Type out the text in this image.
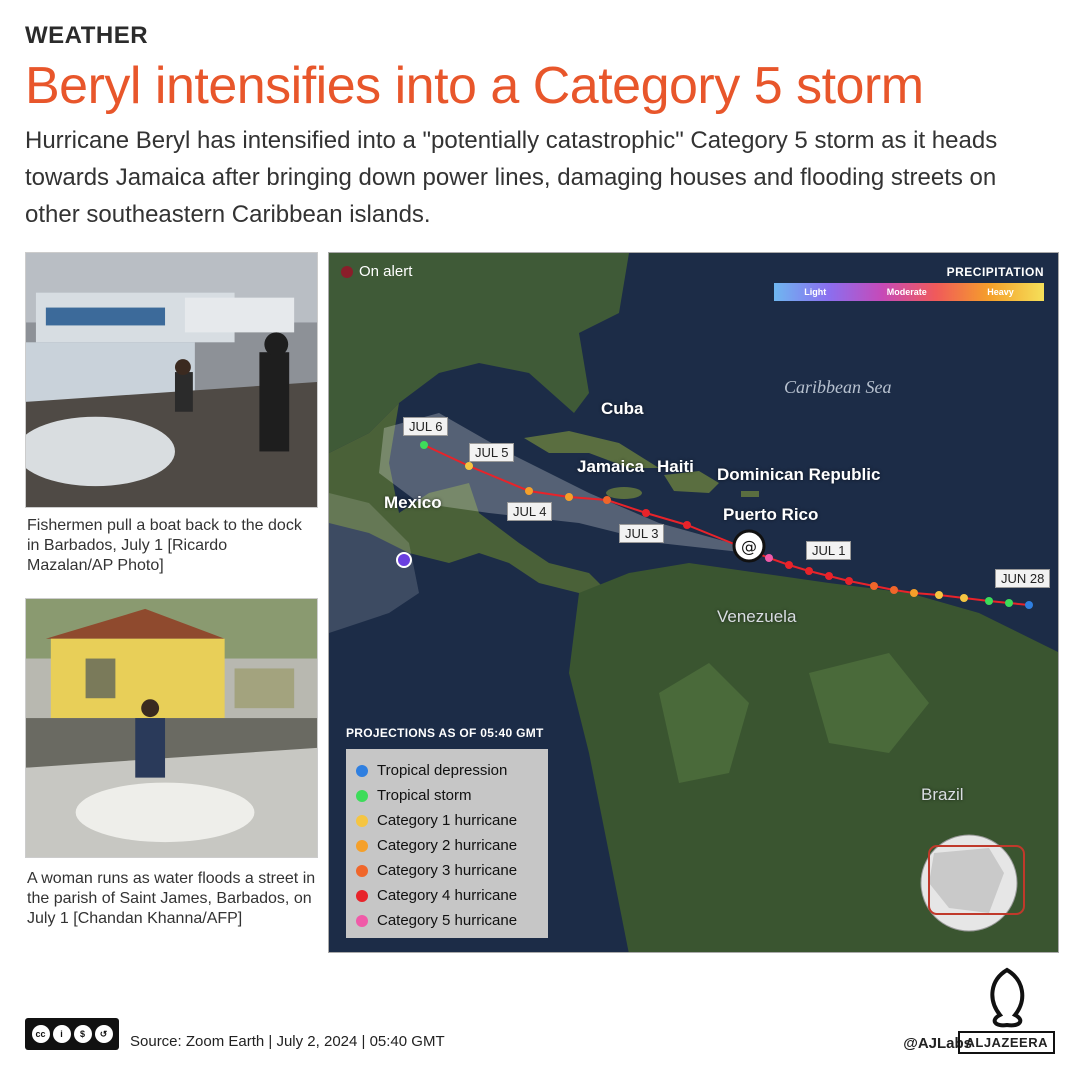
WEATHER
Beryl intensifies into a Category 5 storm
Hurricane Beryl has intensified into a "potentially catastrophic" Category 5 storm as it heads towards Jamaica after bringing down power lines, damaging houses and flooding streets on other southeastern Caribbean islands.
Fishermen pull a boat back to the dock in Barbados, July 1 [Ricardo Mazalan/AP Photo]
A woman runs as water floods a street in the parish of Saint James, Barbados, on July 1 [Chandan Khanna/AFP]
@
On alert	PRECIPITATION
Light	Moderate	Heavy
Caribbean Sea
Cuba
Jamaica Haiti Dominican Republic
Puerto Rico
Mexico
Venezuela
Brazil
JUL 6
JUL 5
JUL 4
JUL 3
JUL 1
JUN 28
PROJECTIONS AS OF 05:40 GMT
Tropical depression
Tropical storm
Category 1 hurricane
Category 2 hurricane
Category 3 hurricane
Category 4 hurricane
Category 5 hurricane
cc	i	$	↺	Source: Zoom Earth | July 2, 2024 | 05:40 GMT	@AJLabs
ALJAZEERA
